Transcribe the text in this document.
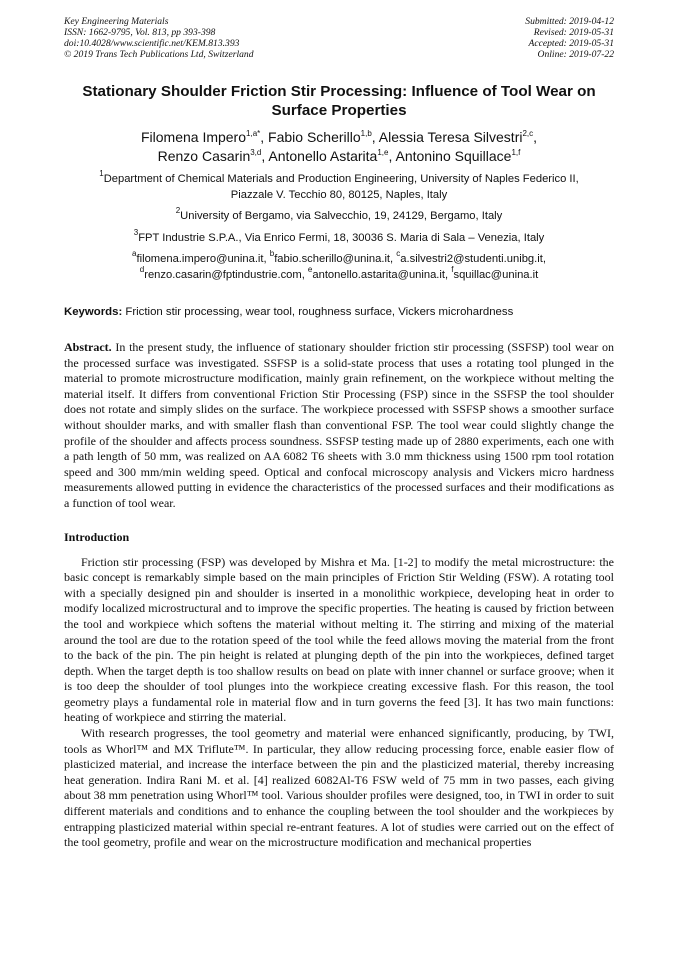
Key Engineering Materials
ISSN: 1662-9795, Vol. 813, pp 393-398
doi:10.4028/www.scientific.net/KEM.813.393
© 2019 Trans Tech Publications Ltd, Switzerland
Submitted: 2019-04-12
Revised: 2019-05-31
Accepted: 2019-05-31
Online: 2019-07-22
Stationary Shoulder Friction Stir Processing: Influence of Tool Wear on Surface Properties
Filomena Impero$^{1,a*}$, Fabio Scherillo$^{1,b}$, Alessia Teresa Silvestri$^{2,c}$,
Renzo Casarin$^{3,d}$, Antonello Astarita$^{1,e}$, Antonino Squillace$^{1,f}$
$^1$Department of Chemical Materials and Production Engineering, University of Naples Federico II,
Piazzale V. Tecchio 80, 80125, Naples, Italy
$^2$University of Bergamo, via Salvecchio, 19, 24129, Bergamo, Italy
$^3$FPT Industrie S.P.A., Via Enrico Fermi, 18, 30036 S. Maria di Sala – Venezia, Italy
$^a$filomena.impero@unina.it, $^b$fabio.scherillo@unina.it, $^c$a.silvestri2@studenti.unibg.it,
$^d$renzo.casarin@fptindustrie.com, $^e$antonello.astarita@unina.it, $^f$squillac@unina.it
Keywords: Friction stir processing, wear tool, roughness surface, Vickers microhardness
Abstract. In the present study, the influence of stationary shoulder friction stir processing (SSFSP) tool wear on the processed surface was investigated. SSFSP is a solid-state process that uses a rotating tool plunged in the material to promote microstructure modification, mainly grain refinement, on the workpiece without melting the material itself. It differs from conventional Friction Stir Processing (FSP) since in the SSFSP the tool shoulder does not rotate and simply slides on the surface. The workpiece processed with SSFSP shows a smoother surface without shoulder marks, and with smaller flash than conventional FSP. The tool wear could slightly change the profile of the shoulder and affects process soundness. SSFSP testing made up of 2880 experiments, each one with a path length of 50 mm, was realized on AA 6082 T6 sheets with 3.0 mm thickness using 1500 rpm tool rotation speed and 300 mm/min welding speed. Optical and confocal microscopy analysis and Vickers micro hardness measurements allowed putting in evidence the characteristics of the processed surfaces and their modifications as a function of tool wear.
Introduction

Friction stir processing (FSP) was developed by Mishra et Ma. [1-2] to modify the metal microstructure: the basic concept is remarkably simple based on the main principles of Friction Stir Welding (FSW). A rotating tool with a specially designed pin and shoulder is inserted in a monolithic workpiece, developing heat in order to modify localized microstructural and to improve the specific properties. The heating is caused by friction between the tool and workpiece which softens the material without melting it. The stirring and mixing of the material around the tool are due to the rotation speed of the tool while the feed allows moving the material from the front to the back of the pin. The pin height is related at plunging depth of the pin into the workpieces, defined target depth. When the target depth is too shallow results on bead on plate with inner channel or surface groove; when it is too deep the shoulder of tool plunges into the workpiece creating excessive flash. For this reason, the tool geometry plays a fundamental role in material flow and in turn governs the feed [3]. It has two main functions: heating of workpiece and stirring the material.

With research progresses, the tool geometry and material were enhanced significantly, producing, by TWI, tools as Whorl™ and MX Triflute™. In particular, they allow reducing processing force, enable easier flow of plasticized material, and increase the interface between the pin and the plasticized material, thereby increasing heat generation. Indira Rani M. et al. [4] realized 6082Al-T6 FSW weld of 75 mm in two passes, each giving about 38 mm penetration using Whorl™ tool. Various shoulder profiles were designed, too, in TWI in order to suit different materials and conditions and to enhance the coupling between the tool shoulder and the workpieces by entrapping plasticized material within special re-entrant features. A lot of studies were carried out on the effect of the tool geometry, profile and wear on the microstructure modification and mechanical properties
